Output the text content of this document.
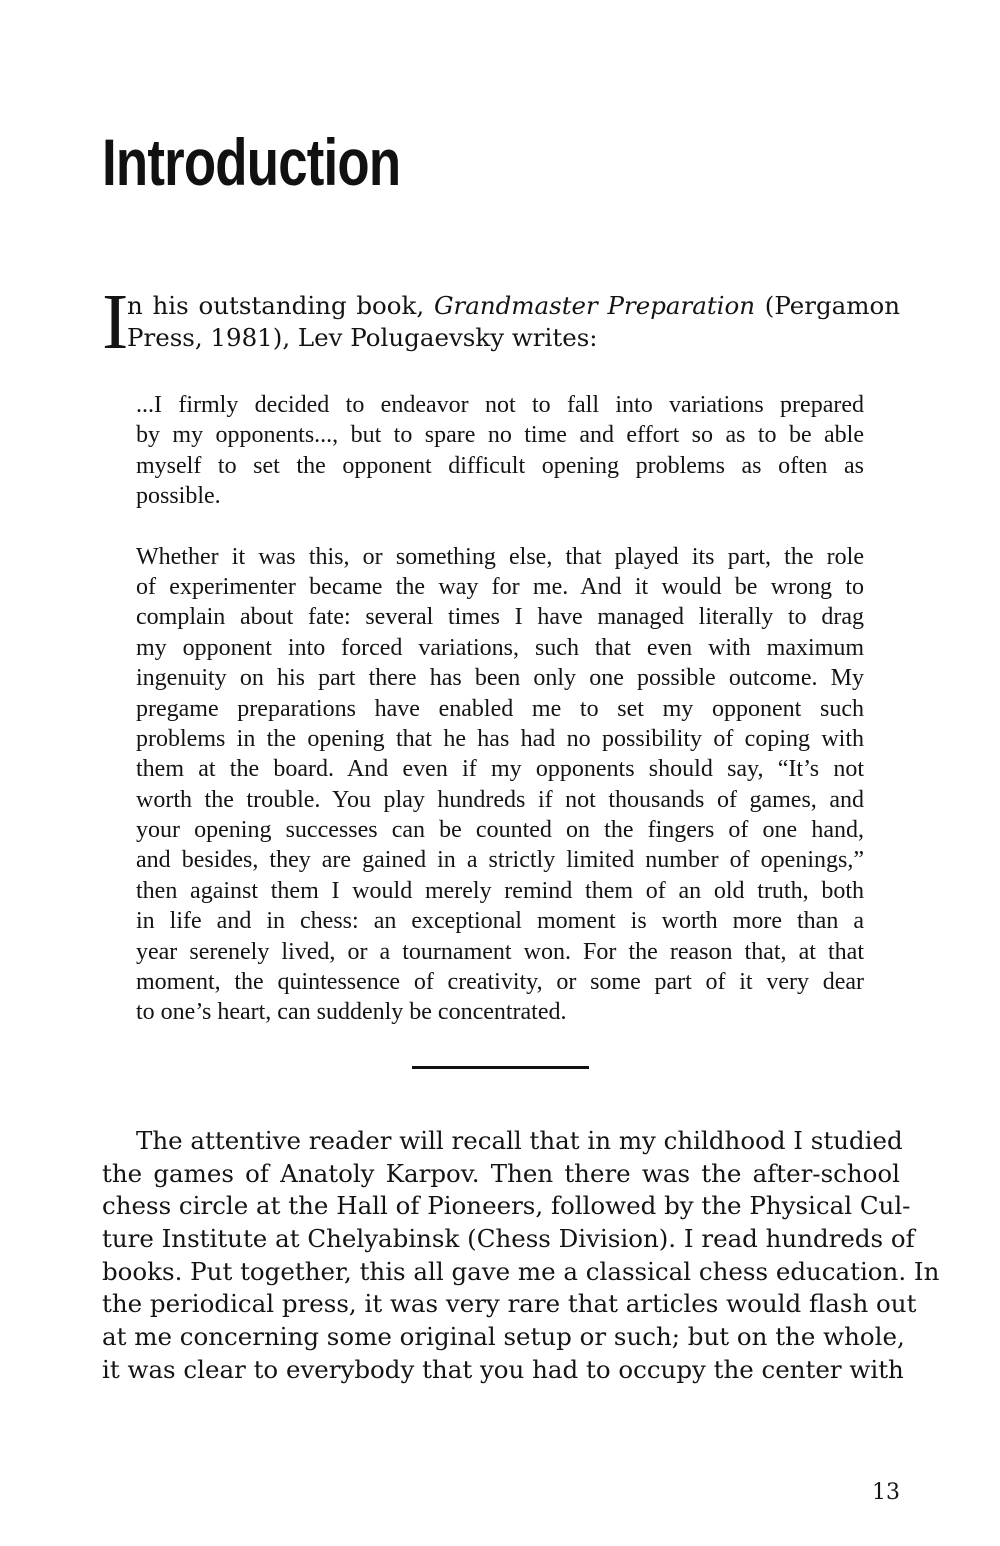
Introduction
I
n his outstanding book, Grandmaster Preparation (Pergamon
Press, 1981), Lev Polugaevsky writes:

...I firmly decided to endeavor not to fall into variations prepared
by my opponents..., but to spare no time and effort so as to be able
myself to set the opponent difficult opening problems as often as
possible.

Whether it was this, or something else, that played its part, the role
of experimenter became the way for me. And it would be wrong to
complain about fate: several times I have managed literally to drag
my opponent into forced variations, such that even with maximum
ingenuity on his part there has been only one possible outcome. My
pregame preparations have enabled me to set my opponent such
problems in the opening that he has had no possibility of coping with
them at the board. And even if my opponents should say, “It’s not
worth the trouble. You play hundreds if not thousands of games, and
your opening successes can be counted on the fingers of one hand,
and besides, they are gained in a strictly limited number of openings,”
then against them I would merely remind them of an old truth, both
in life and in chess: an exceptional moment is worth more than a
year serenely lived, or a tournament won. For the reason that, at that
moment, the quintessence of creativity, or some part of it very dear
to one’s heart, can suddenly be concentrated.

The attentive reader will recall that in my childhood I studied
the games of Anatoly Karpov. Then there was the after-school
chess circle at the Hall of Pioneers, followed by the Physical Cul-
ture Institute at Chelyabinsk (Chess Division). I read hundreds of
books. Put together, this all gave me a classical chess education. In
the periodical press, it was very rare that articles would flash out
at me concerning some original setup or such; but on the whole,
it was clear to everybody that you had to occupy the center with
13
